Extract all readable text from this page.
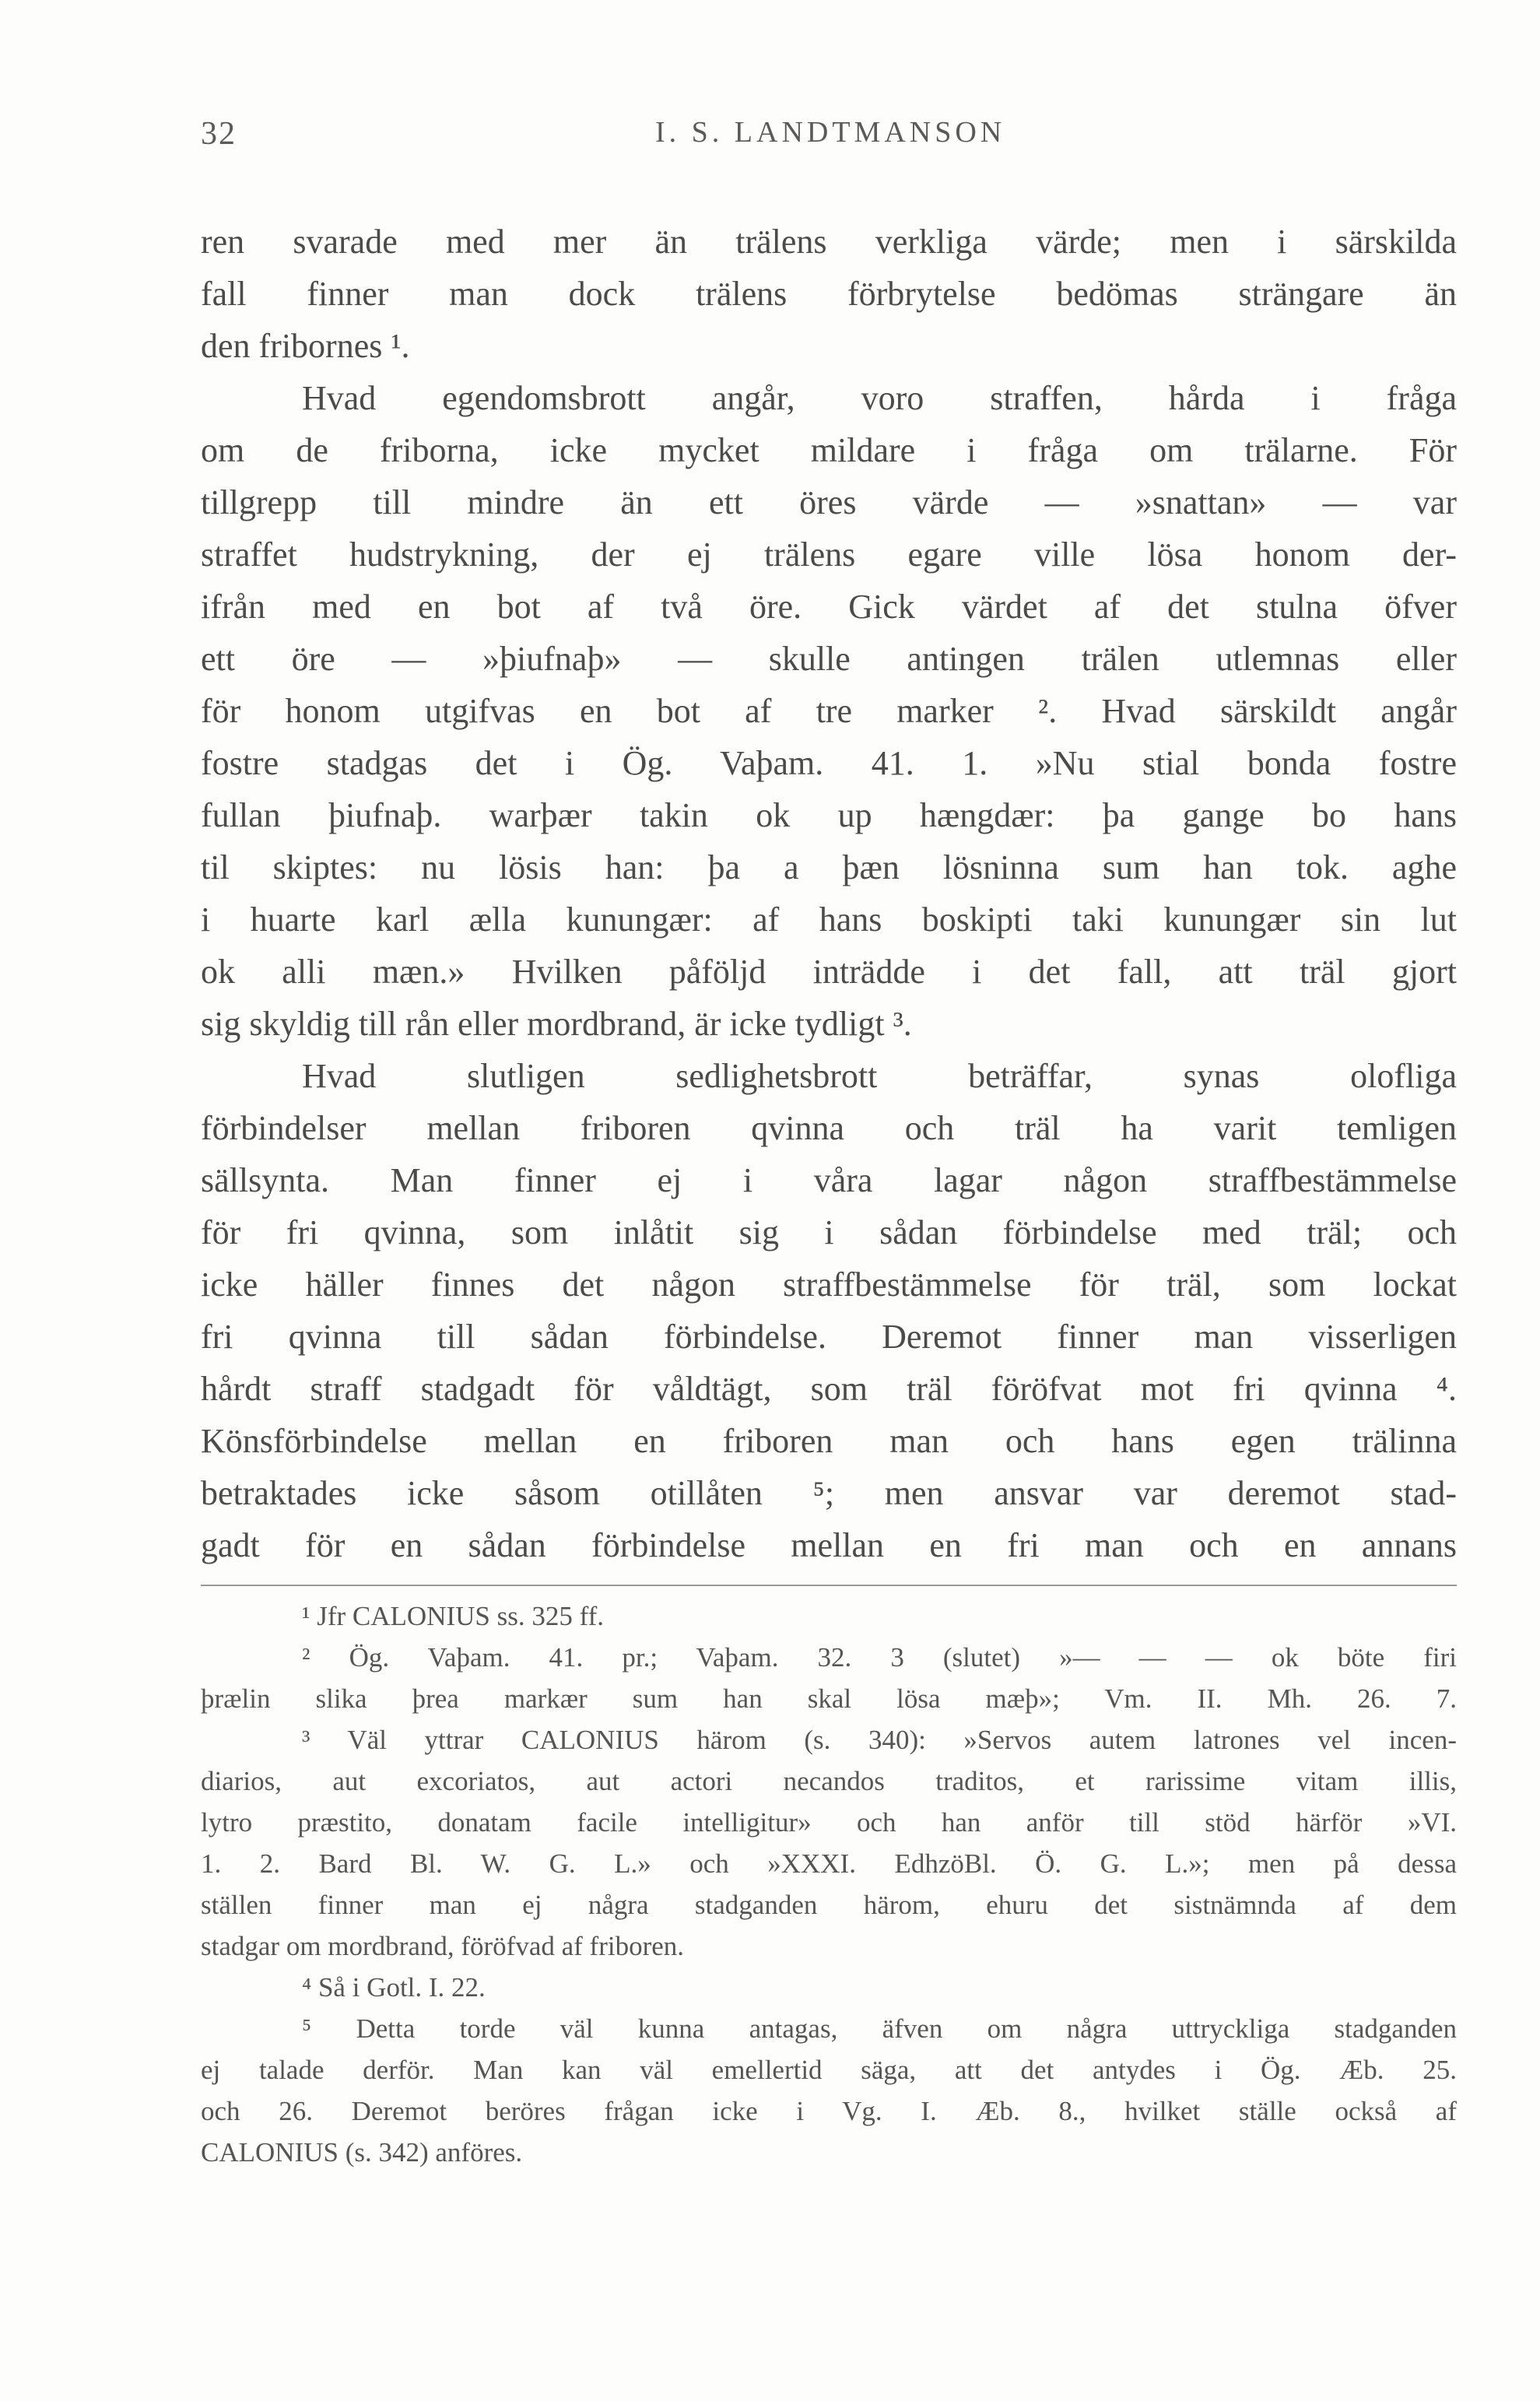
32	I. S. LANDTMANSON
ren svarade med mer än trälens verkliga värde; men i särskilda
fall finner man dock trälens förbrytelse bedömas strängare än
den fribornes ¹.
Hvad egendomsbrott angår, voro straffen, hårda i fråga
om de friborna, icke mycket mildare i fråga om trälarne. För
tillgrepp till mindre än ett öres värde — »snattan» — var
straffet hudstrykning, der ej trälens egare ville lösa honom der-
ifrån med en bot af två öre. Gick värdet af det stulna öfver
ett öre — »þiufnaþ» — skulle antingen trälen utlemnas eller
för honom utgifvas en bot af tre marker ². Hvad särskildt angår
fostre stadgas det i Ög. Vaþam. 41. 1. »Nu stial bonda fostre
fullan þiufnaþ. warþær takin ok up hængdær: þa gange bo hans
til skiptes: nu lösis han: þa a þæn lösninna sum han tok. aghe
i huarte karl ælla kunungær: af hans boskipti taki kunungær sin lut
ok alli mæn.» Hvilken påföljd inträdde i det fall, att träl gjort
sig skyldig till rån eller mordbrand, är icke tydligt ³.
Hvad slutligen sedlighetsbrott beträffar, synas olofliga
förbindelser mellan friboren qvinna och träl ha varit temligen
sällsynta. Man finner ej i våra lagar någon straffbestämmelse
för fri qvinna, som inlåtit sig i sådan förbindelse med träl; och
icke häller finnes det någon straffbestämmelse för träl, som lockat
fri qvinna till sådan förbindelse. Deremot finner man visserligen
hårdt straff stadgadt för våldtägt, som träl föröfvat mot fri qvinna ⁴.
Könsförbindelse mellan en friboren man och hans egen trälinna
betraktades icke såsom otillåten ⁵; men ansvar var deremot stad-
gadt för en sådan förbindelse mellan en fri man och en annans
¹ Jfr CALONIUS ss. 325 ff.
² Ög. Vaþam. 41. pr.; Vaþam. 32. 3 (slutet) »— — — ok böte firi
þrælin slika þrea markær sum han skal lösa mæþ»; Vm. II. Mh. 26. 7.
³ Väl yttrar CALONIUS härom (s. 340): »Servos autem latrones vel incen-
diarios, aut excoriatos, aut actori necandos traditos, et rarissime vitam illis,
lytro præstito, donatam facile intelligitur» och han anför till stöd härför »VI.
1. 2. Bard Bl. W. G. L.» och »XXXI. EdhzöBl. Ö. G. L.»; men på dessa
ställen finner man ej några stadganden härom, ehuru det sistnämnda af dem
stadgar om mordbrand, föröfvad af friboren.
⁴ Så i Gotl. I. 22.
⁵ Detta torde väl kunna antagas, äfven om några uttryckliga stadganden
ej talade derför. Man kan väl emellertid säga, att det antydes i Ög. Æb. 25.
och 26. Deremot beröres frågan icke i Vg. I. Æb. 8., hvilket ställe också af
CALONIUS (s. 342) anföres.
